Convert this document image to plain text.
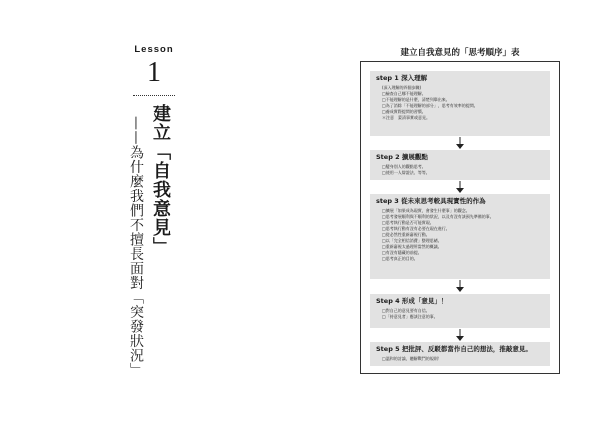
Lesson
1
建立「自我意見」
——為什麼我們不擅長面對「突發狀況」
建立自我意見的「思考順序」表
step 1 深入理解
(深入理解的四個步驟)
□檢查自己哪不能理解。
□不能理解的是什麼，清楚列舉出來。
□為了消除「不能理解的部分」，思考有效率的提問。
□養成實際提問的習慣。
＊注意　蒙清事實或意見。
Step 2 擴展觀點
□變身別人的觀點思考。
□使用一人辯證法、等等。
step 3 從未來思考較具現實性的作為
□擴展「如果成為現實，會發生什麼事」的觀念。
□思考發展順利與不順利的狀況，以及有沒有該預先準備的事。
□思考執行動是否可能實現。
□思考執行動有沒有必要在現在進行。
□從必然性重新審視行動。
□以「完全相信消費」整理思緒。
□重新審視太過理所當然的概議。
□有沒有隱藏的前提。
□思考真正的目的。
Step 4 形成「意見」！
□對自己的意見要有自信。
□「持意見者」應該注意的事。
Step 5 把批評、反駁都當作自己的想法，推敲意見。
□溫和的討論，聽解戰鬥的規則！
